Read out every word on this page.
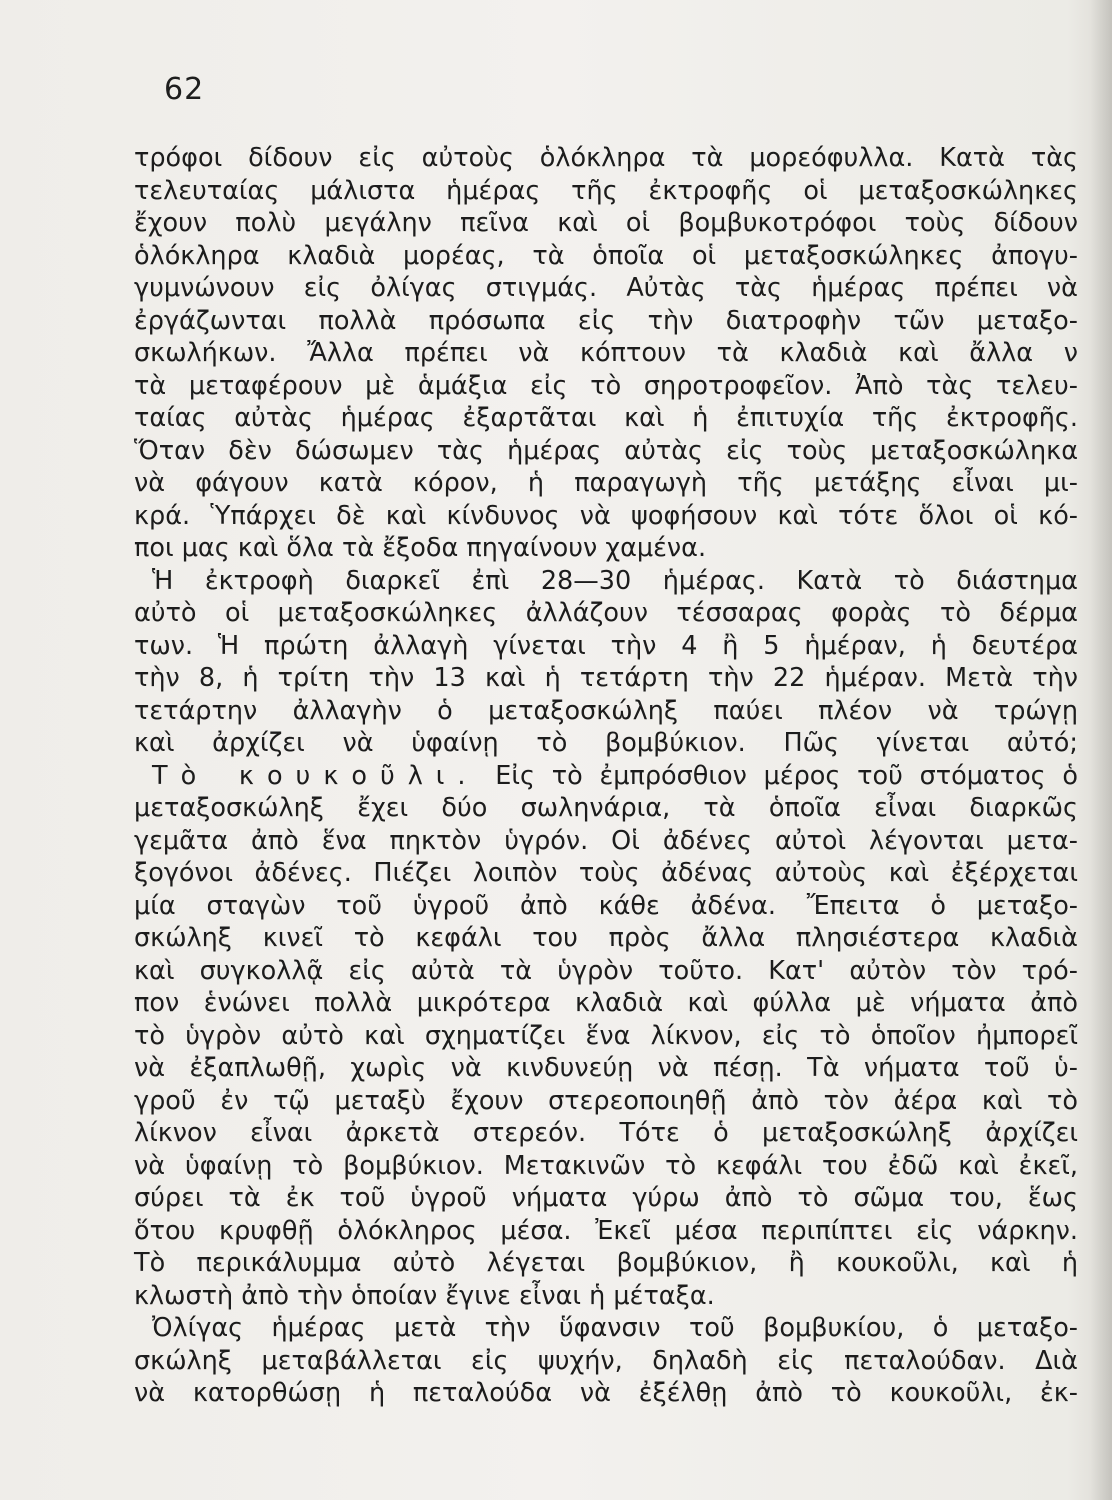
62
τρόφοι δίδουν εἰς αὐτοὺς ὁλόκληρα τὰ μορεόφυλλα. Κατὰ τὰς
τελευταίας μάλιστα ἡμέρας τῆς ἐκτροφῆς οἱ μεταξοσκώληκες
ἔχουν πολὺ μεγάλην πεῖνα καὶ οἱ βομβυκοτρόφοι τοὺς δίδουν
ὁλόκληρα κλαδιὰ μορέας, τὰ ὁποῖα οἱ μεταξοσκώληκες ἀπογυ-
γυμνώνουν εἰς ὀλίγας στιγμάς. Αὐτὰς τὰς ἡμέρας πρέπει νὰ
ἐργάζωνται πολλὰ πρόσωπα εἰς τὴν διατροφὴν τῶν μεταξο-
σκωλήκων. Ἄλλα πρέπει νὰ κόπτουν τὰ κλαδιὰ καὶ ἄλλα ν
τὰ μεταφέρουν μὲ ἁμάξια εἰς τὸ σηροτροφεῖον. Ἀπὸ τὰς τελευ-
ταίας αὐτὰς ἡμέρας ἐξαρτᾶται καὶ ἡ ἐπιτυχία τῆς ἐκτροφῆς.
Ὅταν δὲν δώσωμεν τὰς ἡμέρας αὐτὰς εἰς τοὺς μεταξοσκώληκα
νὰ φάγουν κατὰ κόρον, ἡ παραγωγὴ τῆς μετάξης εἶναι μι-
κρά. Ὑπάρχει δὲ καὶ κίνδυνος νὰ ψοφήσουν καὶ τότε ὅλοι οἱ κό-
ποι μας καὶ ὅλα τὰ ἔξοδα πηγαίνουν χαμένα.
Ἡ ἐκτροφὴ διαρκεῖ ἐπὶ 28—30 ἡμέρας. Κατὰ τὸ διάστημα
αὐτὸ οἱ μεταξοσκώληκες ἀλλάζουν τέσσαρας φορὰς τὸ δέρμα
των. Ἡ πρώτη ἀλλαγὴ γίνεται τὴν 4 ἢ 5 ἡμέραν, ἡ δευτέρα
τὴν 8, ἡ τρίτη τὴν 13 καὶ ἡ τετάρτη τὴν 22 ἡμέραν. Μετὰ τὴν
τετάρτην ἀλλαγὴν ὁ μεταξοσκώληξ παύει πλέον νὰ τρώγῃ
καὶ ἀρχίζει νὰ ὑφαίνῃ τὸ βομβύκιον. Πῶς γίνεται αὐτό;
Τὸ κουκοῦλι. Εἰς τὸ ἐμπρόσθιον μέρος τοῦ στόματος ὁ
μεταξοσκώληξ ἔχει δύο σωληνάρια, τὰ ὁποῖα εἶναι διαρκῶς
γεμᾶτα ἀπὸ ἕνα πηκτὸν ὑγρόν. Οἱ ἀδένες αὐτοὶ λέγονται μετα-
ξογόνοι ἀδένες. Πιέζει λοιπὸν τοὺς ἀδένας αὐτοὺς καὶ ἐξέρχεται
μία σταγὼν τοῦ ὑγροῦ ἀπὸ κάθε ἀδένα. Ἔπειτα ὁ μεταξο-
σκώληξ κινεῖ τὸ κεφάλι του πρὸς ἄλλα πλησιέστερα κλαδιὰ
καὶ συγκολλᾷ εἰς αὐτὰ τὰ ὑγρὸν τοῦτο. Κατ' αὐτὸν τὸν τρό-
πον ἑνώνει πολλὰ μικρότερα κλαδιὰ καὶ φύλλα μὲ νήματα ἀπὸ
τὸ ὑγρὸν αὐτὸ καὶ σχηματίζει ἕνα λίκνον, εἰς τὸ ὁποῖον ἠμπορεῖ
νὰ ἐξαπλωθῇ, χωρὶς νὰ κινδυνεύῃ νὰ πέσῃ. Τὰ νήματα τοῦ ὑ-
γροῦ ἐν τῷ μεταξὺ ἔχουν στερεοποιηθῇ ἀπὸ τὸν ἀέρα καὶ τὸ
λίκνον εἶναι ἀρκετὰ στερεόν. Τότε ὁ μεταξοσκώληξ ἀρχίζει
νὰ ὑφαίνῃ τὸ βομβύκιον. Μετακινῶν τὸ κεφάλι του ἐδῶ καὶ ἐκεῖ,
σύρει τὰ ἐκ τοῦ ὑγροῦ νήματα γύρω ἀπὸ τὸ σῶμα του, ἕως
ὅτου κρυφθῇ ὁλόκληρος μέσα. Ἐκεῖ μέσα περιπίπτει εἰς νάρκην.
Τὸ περικάλυμμα αὐτὸ λέγεται βομβύκιον, ἢ κουκοῦλι, καὶ ἡ
κλωστὴ ἀπὸ τὴν ὁποίαν ἔγινε εἶναι ἡ μέταξα.
Ὀλίγας ἡμέρας μετὰ τὴν ὕφανσιν τοῦ βομβυκίου, ὁ μεταξο-
σκώληξ μεταβάλλεται εἰς ψυχήν, δηλαδὴ εἰς πεταλούδαν. Διὰ
νὰ κατορθώσῃ ἡ πεταλούδα νὰ ἐξέλθῃ ἀπὸ τὸ κουκοῦλι, ἐκ-
